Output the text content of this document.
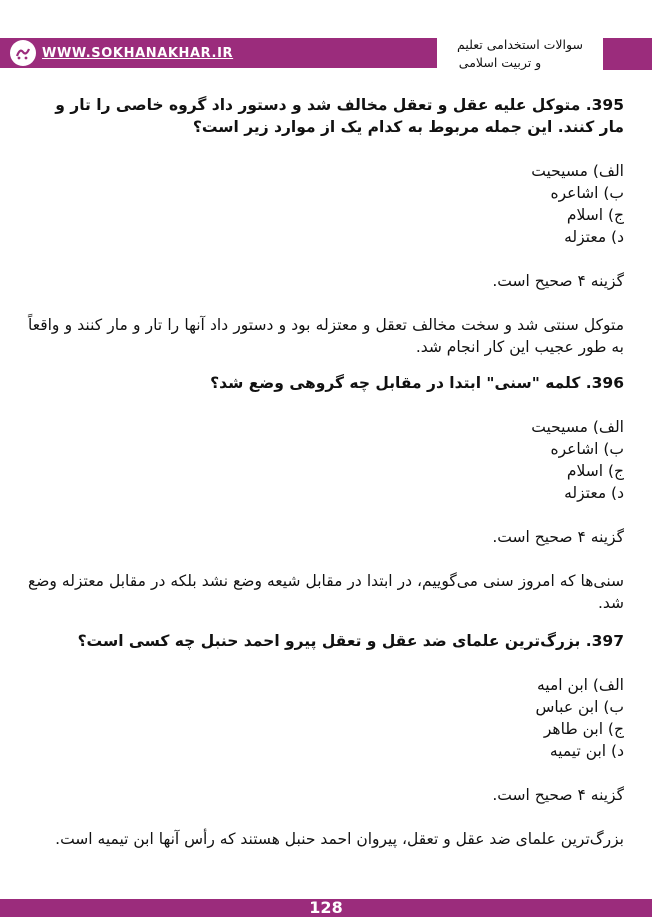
WWW.SOKHANAKHAR.IR
سوالات استخدامی تعلیم
و تربیت اسلامی
395. متوکل علیه عقل و تعقل مخالف شد و دستور داد گروه خاصی را تار و مار کنند. این جمله مربوط به کدام یک از موارد زیر است؟
الف) مسیحیت
ب) اشاعره
ج) اسلام
د) معتزله
گزینه ۴ صحیح است.
متوکل سنتی شد و سخت مخالف تعقل و معتزله بود و دستور داد آنها را تار و مار کنند و واقعاً به طور عجیب این کار انجام شد.
396. کلمه "سنی" ابتدا در مقابل چه گروهی وضع شد؟
الف) مسیحیت
ب) اشاعره
ج) اسلام
د) معتزله
گزینه ۴ صحیح است.
سنی‌ها که امروز سنی می‌گوییم، در ابتدا در مقابل شیعه وضع نشد بلکه در مقابل معتزله وضع شد.
397. بزرگ‌ترین علمای ضد عقل و تعقل پیرو احمد حنبل چه کسی است؟
الف) ابن امیه
ب) ابن عباس
ج) ابن طاهر
د) ابن تیمیه
گزینه ۴ صحیح است.
بزرگ‌ترین علمای ضد عقل و تعقل، پیروان احمد حنبل هستند که رأس آنها ابن تیمیه است.
128
